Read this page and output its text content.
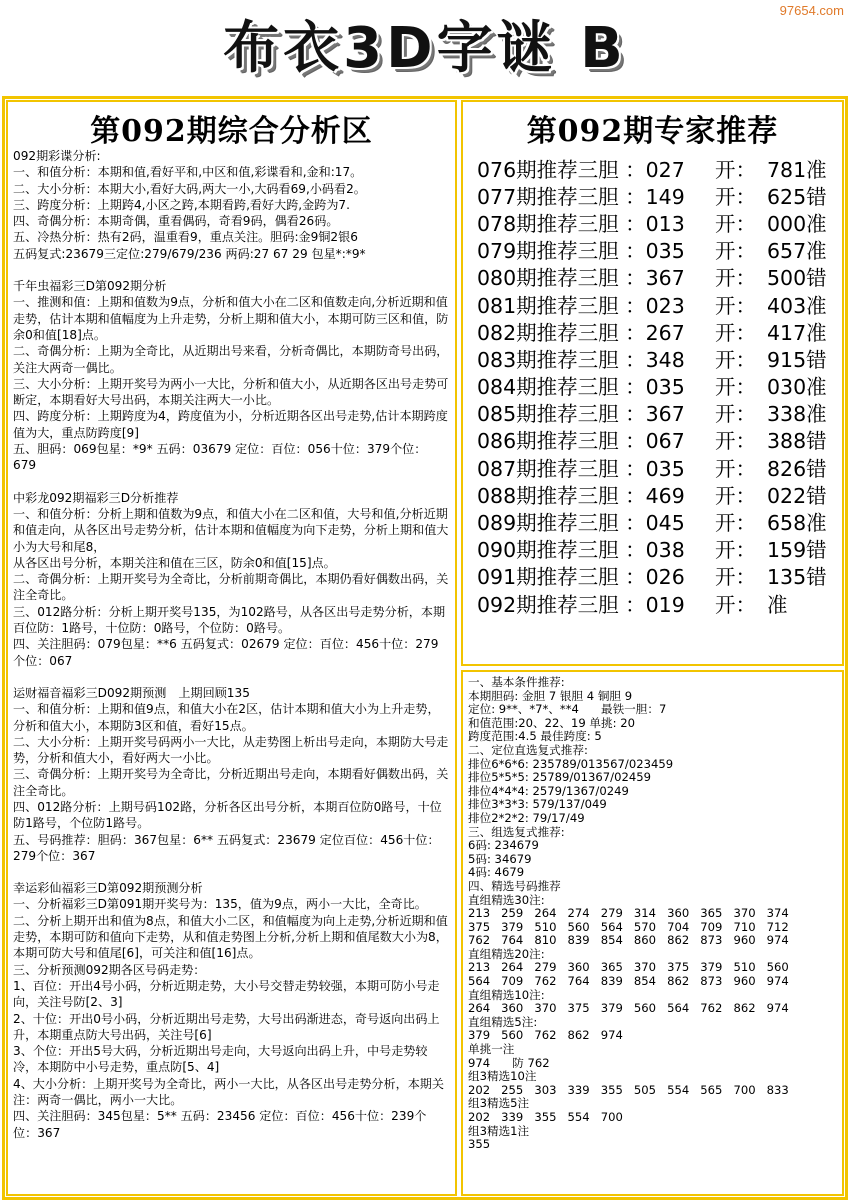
97654.com
布衣3D字谜 B
第092期综合分析区
092期彩谍分析:
一、和值分析：本期和值,看好平和,中区和值,彩谍看和,金和:17。
二、大小分析：本期大小,看好大码,两大一小,大码看69,小码看2。
三、跨度分析：上期跨4,小区之跨,本期看跨,看好大跨,金跨为7.
四、奇偶分析：本期奇偶，重看偶码，奇看9码，偶看26码。
五、冷热分析：热有2码，温重看9，重点关注。胆码:金9铜2银6
五码复式:23679三定位:279/679/236 两码:27 67 29 包星*:*9*
千年虫福彩三D第092期分析
一、推测和值：上期和值数为9点，分析和值大小在二区和值数走向,分析近期和值走势，估计本期和值幅度为上升走势，分析上期和值大小，本期可防三区和值，防余0和值[18]点。
二、奇偶分析：上期为全奇比，从近期出号来看，分析奇偶比，本期防奇号出码，关注大两奇一偶比。
三、大小分析：上期开奖号为两小一大比，分析和值大小，从近期各区出号走势可断定，本期看好大号出码，本期关注两大一小比。
四、跨度分析：上期跨度为4，跨度值为小，分析近期各区出号走势,估计本期跨度值为大，重点防跨度[9]
五、胆码：069包星：*9* 五码：03679 定位：百位：056十位：379个位：679
中彩龙092期福彩三D分析推荐
一、和值分析：分析上期和值数为9点，和值大小在二区和值，大号和值,分析近期和值走向，从各区出号走势分析，估计本期和值幅度为向下走势，分析上期和值大小为大号和尾8，
从各区出号分析，本期关注和值在三区，防余0和值[15]点。
二、奇偶分析：上期开奖号为全奇比，分析前期奇偶比，本期仍看好偶数出码，关注全奇比。
三、012路分析：分析上期开奖号135，为102路号，从各区出号走势分析，本期百位防：1路号，十位防：0路号，个位防：0路号。
四、关注胆码：079包星：**6 五码复式：02679 定位：百位：456十位：279个位：067
运财福音福彩三D092期预测　上期回顾135
一、和值分析：上期和值9点，和值大小在2区，估计本期和值大小为上升走势，分析和值大小，本期防3区和值，看好15点。
二、大小分析：上期开奖号码两小一大比，从走势图上析出号走向，本期防大号走势，分析和值大小，看好两大一小比。
三、奇偶分析：上期开奖号为全奇比，分析近期出号走向，本期看好偶数出码，关注全奇比。
四、012路分析：上期号码102路，分析各区出号分析，本期百位防0路号，十位防1路号，个位防1路号。
五、号码推荐：胆码：367包星：6** 五码复式：23679 定位百位：456十位：279个位：367
幸运彩仙福彩三D第092期预测分析
一、分析福彩三D第091期开奖号为：135，值为9点，两小一大比，全奇比。
二、分析上期开出和值为8点，和值大小二区，和值幅度为向上走势,分析近期和值走势，本期可防和值向下走势，从和值走势图上分析,分析上期和值尾数大小为8，本期可防大号和值尾[6]，可关注和值[16]点。
三、分析预测092期各区号码走势：
1、百位：开出4号小码，分析近期走势，大小号交替走势较强，本期可防小号走向，关注号防[2、3]
2、十位：开出0号小码，分析近期出号走势，大号出码渐进态，奇号返向出码上升，本期重点防大号出码，关注号[6]
3、个位：开出5号大码，分析近期出号走向，大号返向出码上升，中号走势较冷，本期防中小号走势，重点防[5、4]
4、大小分析：上期开奖号为全奇比，两小一大比，从各区出号走势分析，本期关注：两奇一偶比，两小一大比。
四、关注胆码：345包星：5** 五码：23456 定位：百位：456十位：239个位：367
第092期专家推荐
076期推荐三胆 ：027	开： 781准
077期推荐三胆 ：149	开： 625错
078期推荐三胆 ：013	开： 000准
079期推荐三胆 ：035	开： 657准
080期推荐三胆 ：367	开： 500错
081期推荐三胆 ：023	开： 403准
082期推荐三胆 ：267	开： 417准
083期推荐三胆 ：348	开： 915错
084期推荐三胆 ：035	开： 030准
085期推荐三胆 ：367	开： 338准
086期推荐三胆 ：067	开： 388错
087期推荐三胆 ：035	开： 826错
088期推荐三胆 ：469	开： 022错
089期推荐三胆 ：045	开： 658准
090期推荐三胆 ：038	开： 159错
091期推荐三胆 ：026	开： 135错
092期推荐三胆 ：019	开： 准
一、基本条件推荐:
本期胆码: 金胆 7 银胆 4 铜胆 9
定位: 9**、*7*、**4      最铁一胆：7
和值范围:20、22、19 单挑: 20
跨度范围:4.5 最佳跨度: 5
二、定位直选复式推荐:
排位6*6*6: 235789/013567/023459
排位5*5*5: 25789/01367/02459
排位4*4*4: 2579/1367/0249
排位3*3*3: 579/137/049
排位2*2*2: 79/17/49
三、组选复式推荐:
6码: 234679
5码: 34679
4码: 4679
四、精选号码推荐
直组精选30注:
213   259   264   274   279   314   360   365   370   374
375   379   510   560   564   570   704   709   710   712
762   764   810   839   854   860   862   873   960   974
直组精选20注:
213   264   279   360   365   370   375   379   510   560
564   709   762   764   839   854   862   873   960   974
直组精选10注:
264   360   370   375   379   560   564   762   862   974
直组精选5注:
379   560   762   862   974
单挑一注
974      防 762
组3精选10注
202   255   303   339   355   505   554   565   700   833
组3精选5注
202   339   355   554   700
组3精选1注
355
